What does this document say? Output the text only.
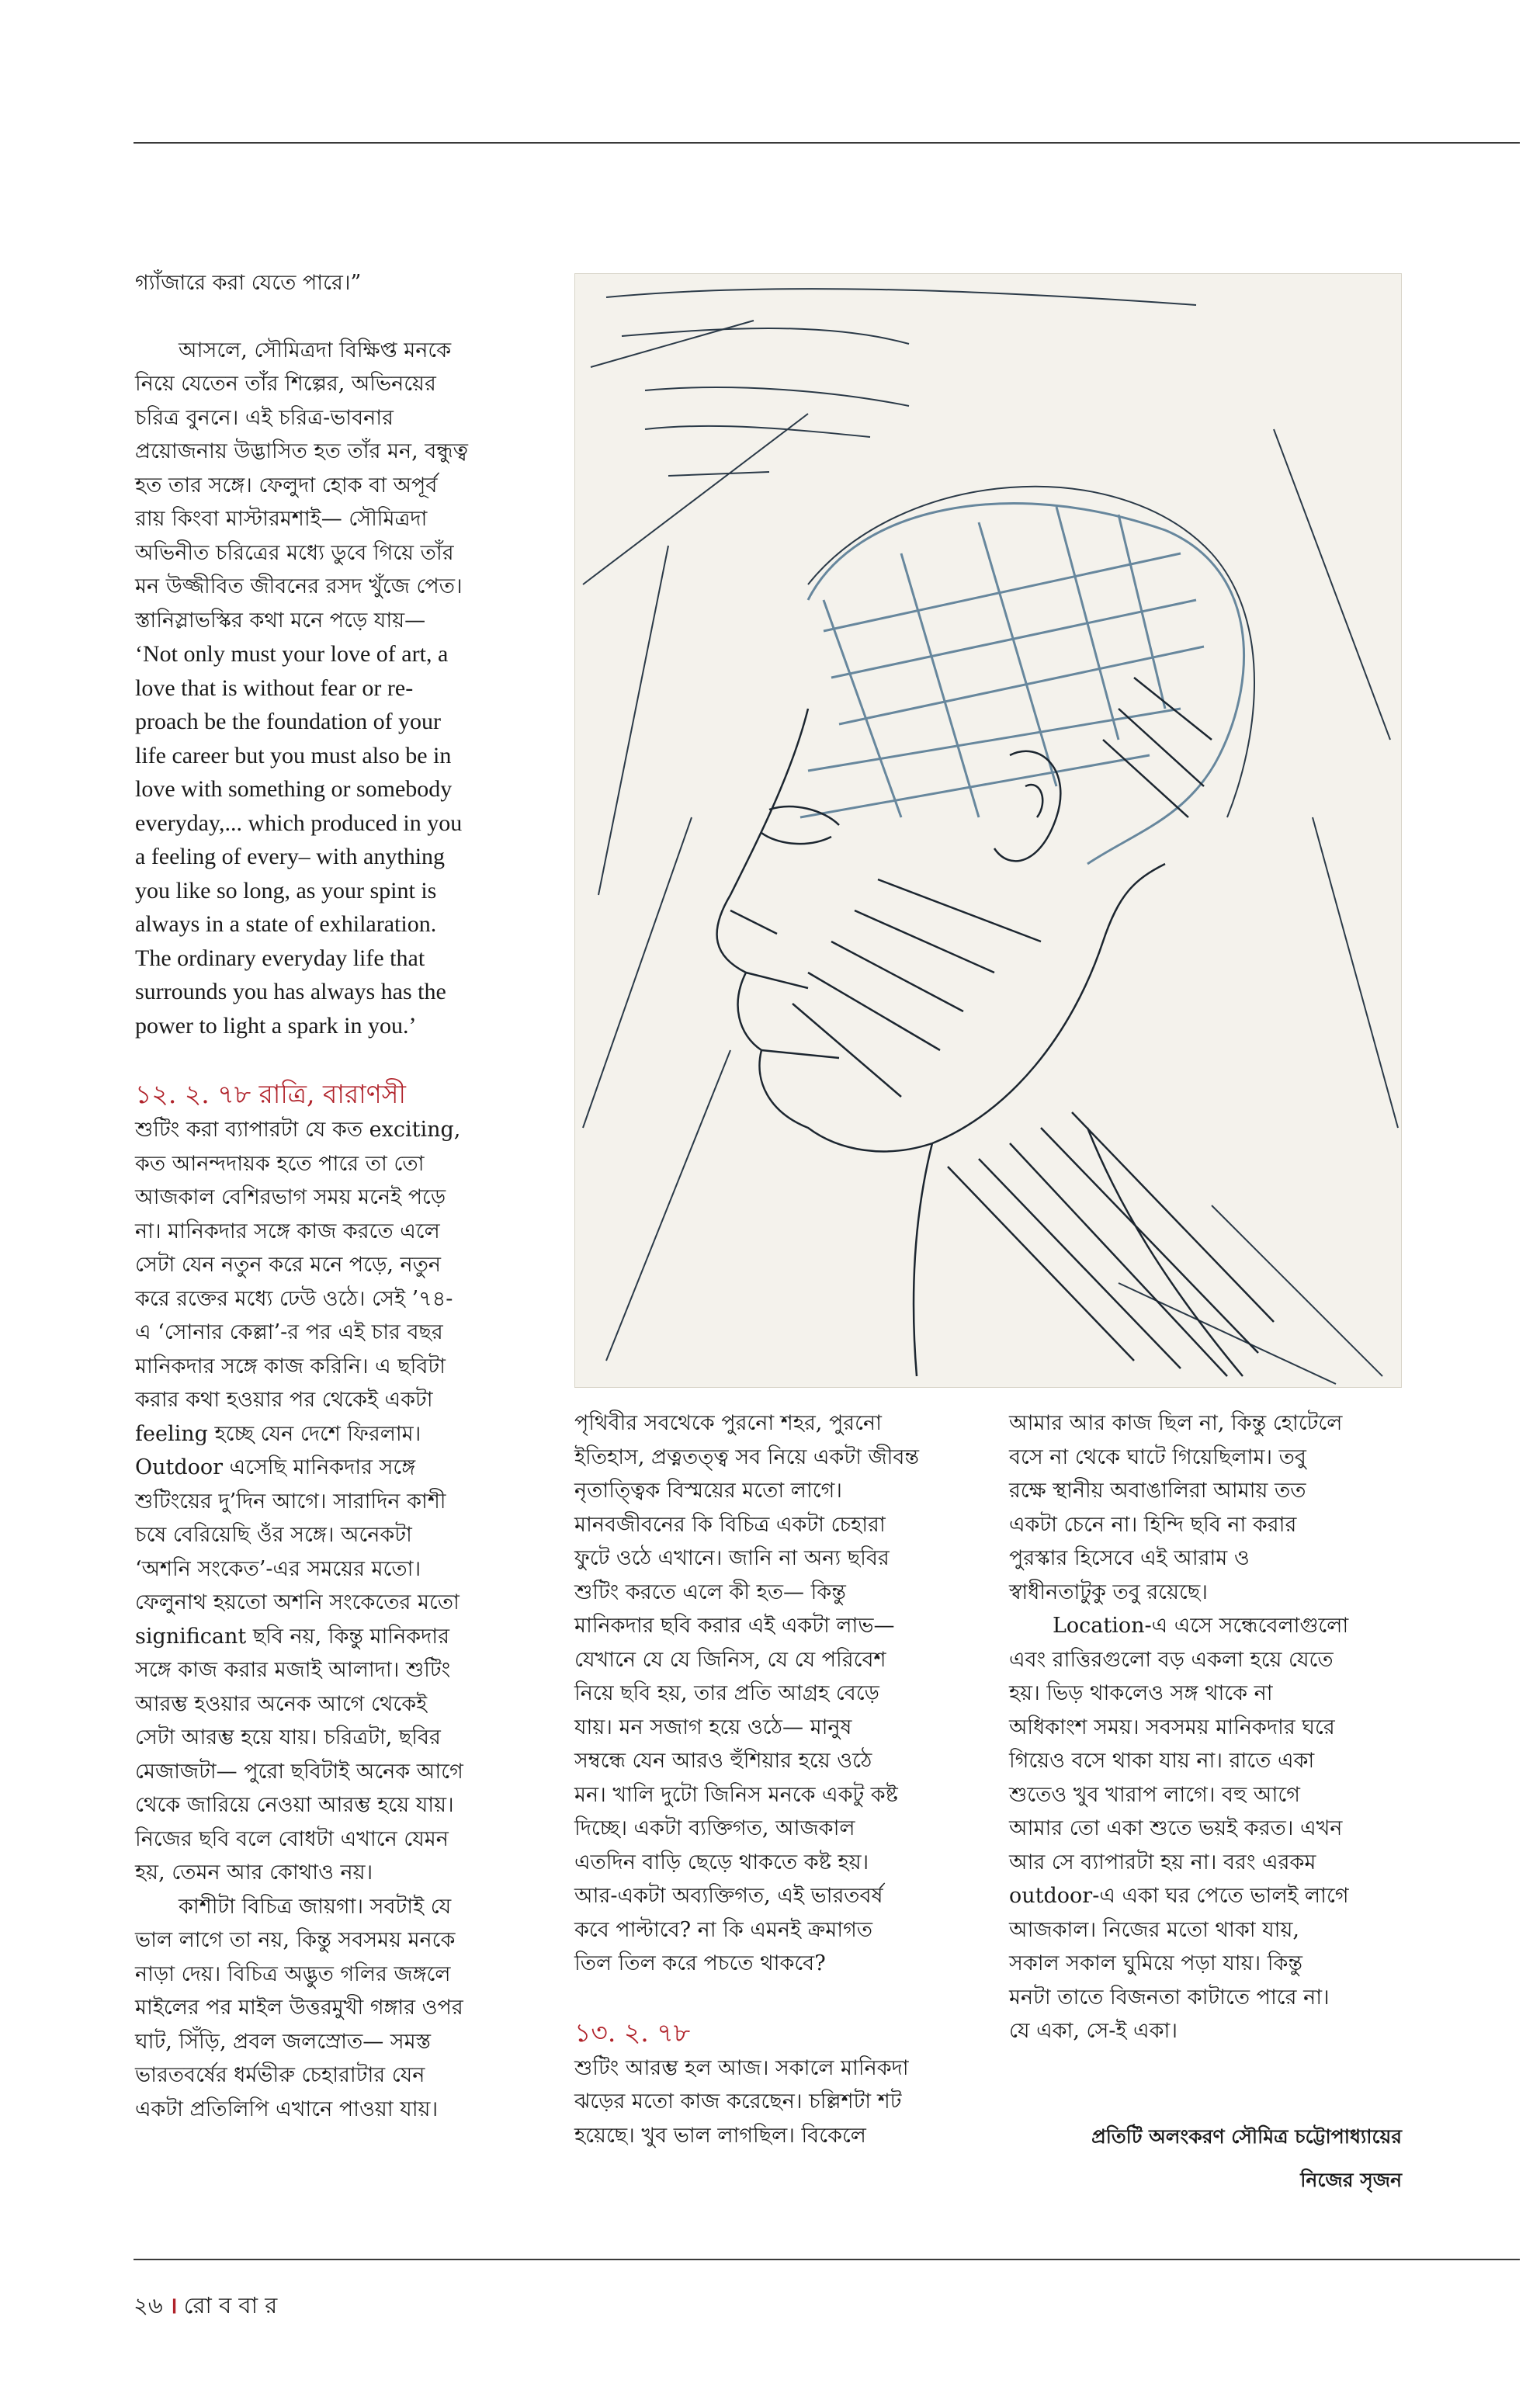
গ্যাঁজারে করা যেতে পারে।”

আসলে, সৌমিত্রদা বিক্ষিপ্ত মনকে

নিয়ে যেতেন তাঁর শিল্পের, অভিনয়ের

চরিত্র বুননে। এই চরিত্র-ভাবনার

প্রয়োজনায় উদ্ভাসিত হত তাঁর মন, বন্ধুত্ব

হত তার সঙ্গে। ফেলুদা হোক বা অপূর্ব

রায় কিংবা মাস্টারমশাই— সৌমিত্রদা

অভিনীত চরিত্রের মধ্যে ডুবে গিয়ে তাঁর

মন উজ্জীবিত জীবনের রসদ খুঁজে পেত।

স্তানিস্লাভস্কির কথা মনে পড়ে যায়—

‘Not only must your love of art, a

love that is without fear or re-

proach be the foundation of your

life career but you must also be in

love with something or somebody

everyday,... which produced in you

a feeling of every– with anything

you like so long, as your spint is

always in a state of exhilaration.

The ordinary everyday life that

surrounds you has always has the

power to light a spark in you.’

১২. ২. ৭৮ রাত্রি, বারাণসী

শুটিং করা ব্যাপারটা যে কত exciting,

কত আনন্দদায়ক হতে পারে তা তো

আজকাল বেশিরভাগ সময় মনেই পড়ে

না। মানিকদার সঙ্গে কাজ করতে এলে

সেটা যেন নতুন করে মনে পড়ে, নতুন

করে রক্তের মধ্যে ঢেউ ওঠে। সেই ’৭৪-

এ ‘সোনার কেল্লা’-র পর এই চার বছর

মানিকদার সঙ্গে কাজ করিনি। এ ছবিটা

করার কথা হওয়ার পর থেকেই একটা

feeling হচ্ছে যেন দেশে ফিরলাম।

Outdoor এসেছি মানিকদার সঙ্গে

শুটিংয়ের দু’দিন আগে। সারাদিন কাশী

চষে বেরিয়েছি ওঁর সঙ্গে। অনেকটা

‘অশনি সংকেত’-এর সময়ের মতো।

ফেলুনাথ হয়তো অশনি সংকেতের মতো

significant ছবি নয়, কিন্তু মানিকদার

সঙ্গে কাজ করার মজাই আলাদা। শুটিং

আরম্ভ হওয়ার অনেক আগে থেকেই

সেটা আরম্ভ হয়ে যায়। চরিত্রটা, ছবির

মেজাজটা— পুরো ছবিটাই অনেক আগে

থেকে জারিয়ে নেওয়া আরম্ভ হয়ে যায়।

নিজের ছবি বলে বোধটা এখানে যেমন

হয়, তেমন আর কোথাও নয়।

কাশীটা বিচিত্র জায়গা। সবটাই যে

ভাল লাগে তা নয়, কিন্তু সবসময় মনকে

নাড়া দেয়। বিচিত্র অদ্ভুত গলির জঙ্গলে

মাইলের পর মাইল উত্তরমুখী গঙ্গার ওপর

ঘাট, সিঁড়ি, প্রবল জলস্রোত— সমস্ত

ভারতবর্ষের ধর্মভীরু চেহারাটার যেন

একটা প্রতিলিপি এখানে পাওয়া যায়।

পৃথিবীর সবথেকে পুরনো শহর, পুরনো

ইতিহাস, প্রত্নতত্ত্ব সব নিয়ে একটা জীবন্ত

নৃতাত্ত্বিক বিস্ময়ের মতো লাগে।

মানবজীবনের কি বিচিত্র একটা চেহারা

ফুটে ওঠে এখানে। জানি না অন্য ছবির

শুটিং করতে এলে কী হত— কিন্তু

মানিকদার ছবি করার এই একটা লাভ—

যেখানে যে যে জিনিস, যে যে পরিবেশ

নিয়ে ছবি হয়, তার প্রতি আগ্রহ বেড়ে

যায়। মন সজাগ হয়ে ওঠে— মানুষ

সম্বন্ধে যেন আরও হুঁশিয়ার হয়ে ওঠে

মন। খালি দুটো জিনিস মনকে একটু কষ্ট

দিচ্ছে। একটা ব্যক্তিগত, আজকাল

এতদিন বাড়ি ছেড়ে থাকতে কষ্ট হয়।

আর-একটা অব্যক্তিগত, এই ভারতবর্ষ

কবে পাল্টাবে? না কি এমনই ক্রমাগত

তিল তিল করে পচতে থাকবে?

১৩. ২. ৭৮

শুটিং আরম্ভ হল আজ। সকালে মানিকদা

ঝড়ের মতো কাজ করেছেন। চল্লিশটা শট

হয়েছে। খুব ভাল লাগছিল। বিকেলে

আমার আর কাজ ছিল না, কিন্তু হোটেলে

বসে না থেকে ঘাটে গিয়েছিলাম। তবু

রক্ষে স্থানীয় অবাঙালিরা আমায় তত

একটা চেনে না। হিন্দি ছবি না করার

পুরস্কার হিসেবে এই আরাম ও

স্বাধীনতাটুকু তবু রয়েছে।

Location-এ এসে সন্ধেবেলাগুলো

এবং রাত্তিরগুলো বড় একলা হয়ে যেতে

হয়। ভিড় থাকলেও সঙ্গ থাকে না

অধিকাংশ সময়। সবসময় মানিকদার ঘরে

গিয়েও বসে থাকা যায় না। রাতে একা

শুতেও খুব খারাপ লাগে। বহু আগে

আমার তো একা শুতে ভয়ই করত। এখন

আর সে ব্যাপারটা হয় না। বরং এরকম

outdoor-এ একা ঘর পেতে ভালই লাগে

আজকাল। নিজের মতো থাকা যায়,

সকাল সকাল ঘুমিয়ে পড়া যায়। কিন্তু

মনটা তাতে বিজনতা কাটাতে পারে না।

যে একা, সে-ই একা।

প্রতিটি অলংকরণ সৌমিত্র চট্টোপাধ্যায়ের
নিজের সৃজন
২৬ । রো ব বা র
